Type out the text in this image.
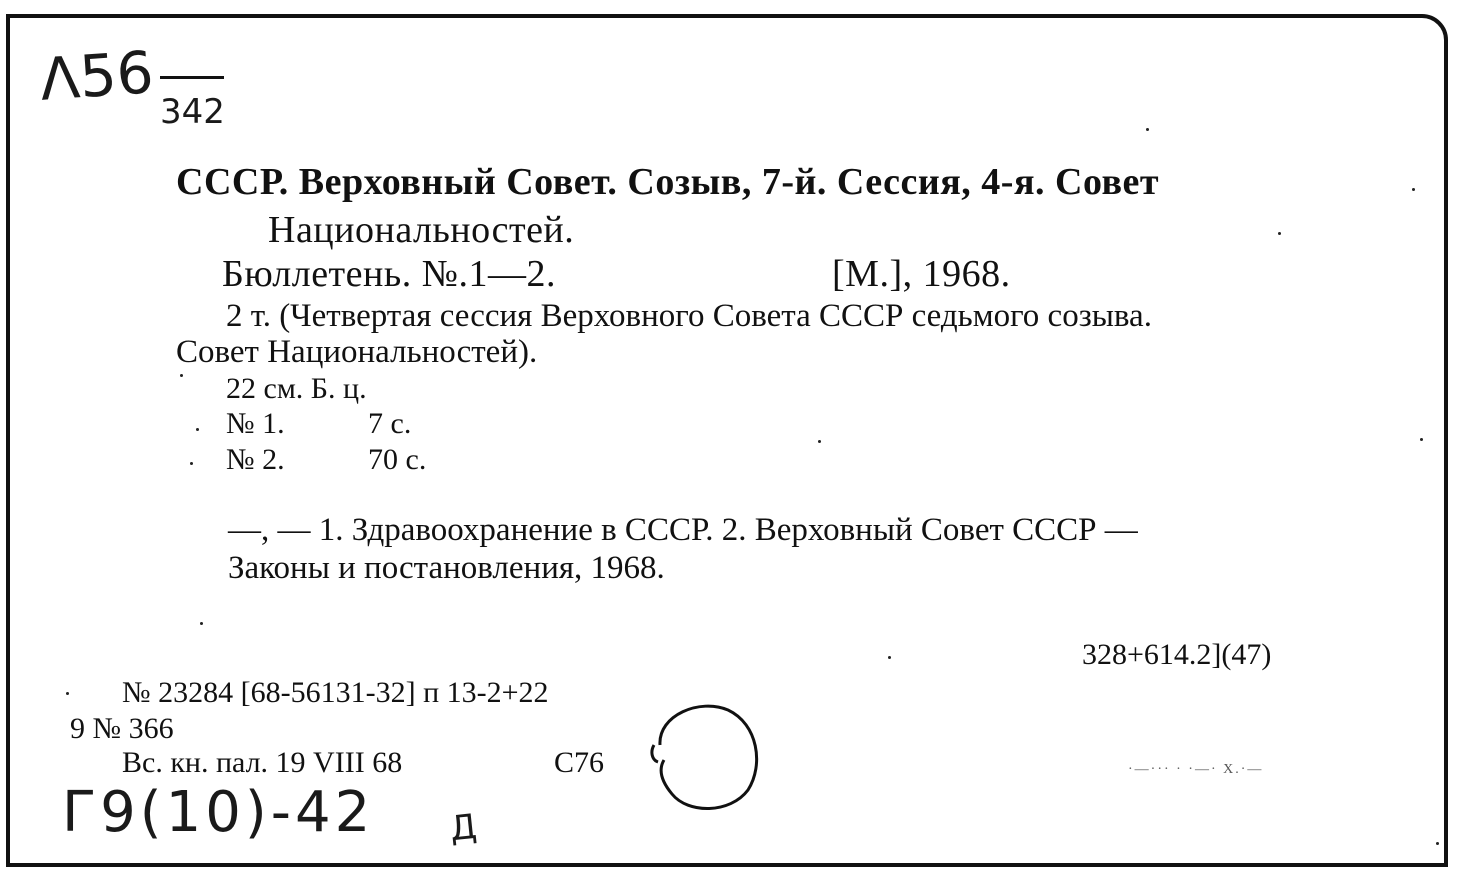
Λ56 342
СССР. Верховный Совет. Созыв, 7-й. Сессия, 4-я. Совет
Национальностей.
Бюллетень. №.1—2.	[М.], 1968.
2 т. (Четвертая сессия Верховного Совета СССР седьмого созыва.
Совет Национальностей).
22 см. Б. ц.
№ 1.	7 с.
№ 2.	70 с.
—, — 1. Здравоохранение в СССР. 2. Верховный Совет СССР —
Законы и постановления, 1968.
328+614.2](47)
№ 23284 [68-56131-32] п 13-2+22
9 № 366
Вс. кн. пал. 19 VIII 68	С76	·—··· · ·—· Х.·—
Г9(10)-42 Д
